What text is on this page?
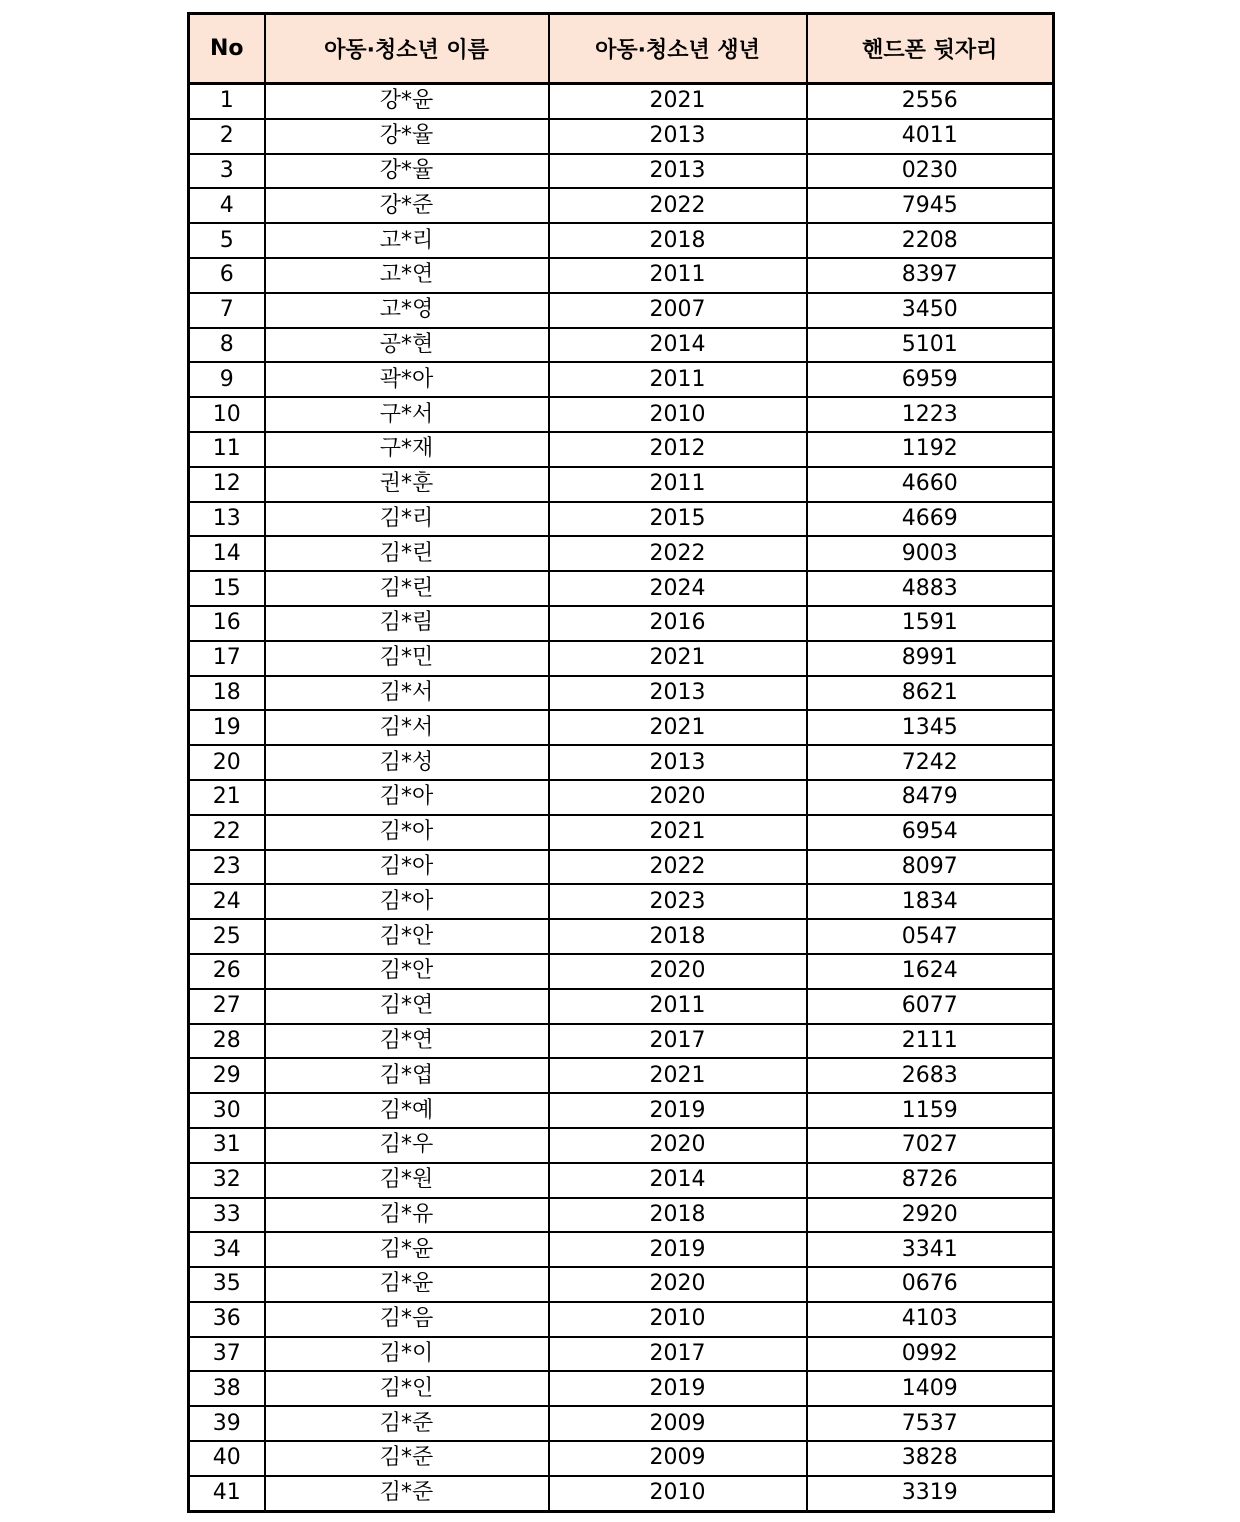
No	아동·청소년 이름	아동·청소년 생년	핸드폰 뒷자리
1	강*윤	2021	2556
2	강*율	2013	4011
3	강*율	2013	0230
4	강*준	2022	7945
5	고*리	2018	2208
6	고*연	2011	8397
7	고*영	2007	3450
8	공*현	2014	5101
9	곽*아	2011	6959
10	구*서	2010	1223
11	구*재	2012	1192
12	권*훈	2011	4660
13	김*리	2015	4669
14	김*린	2022	9003
15	김*린	2024	4883
16	김*림	2016	1591
17	김*민	2021	8991
18	김*서	2013	8621
19	김*서	2021	1345
20	김*성	2013	7242
21	김*아	2020	8479
22	김*아	2021	6954
23	김*아	2022	8097
24	김*아	2023	1834
25	김*안	2018	0547
26	김*안	2020	1624
27	김*연	2011	6077
28	김*연	2017	2111
29	김*엽	2021	2683
30	김*예	2019	1159
31	김*우	2020	7027
32	김*원	2014	8726
33	김*유	2018	2920
34	김*윤	2019	3341
35	김*윤	2020	0676
36	김*음	2010	4103
37	김*이	2017	0992
38	김*인	2019	1409
39	김*준	2009	7537
40	김*준	2009	3828
41	김*준	2010	3319
